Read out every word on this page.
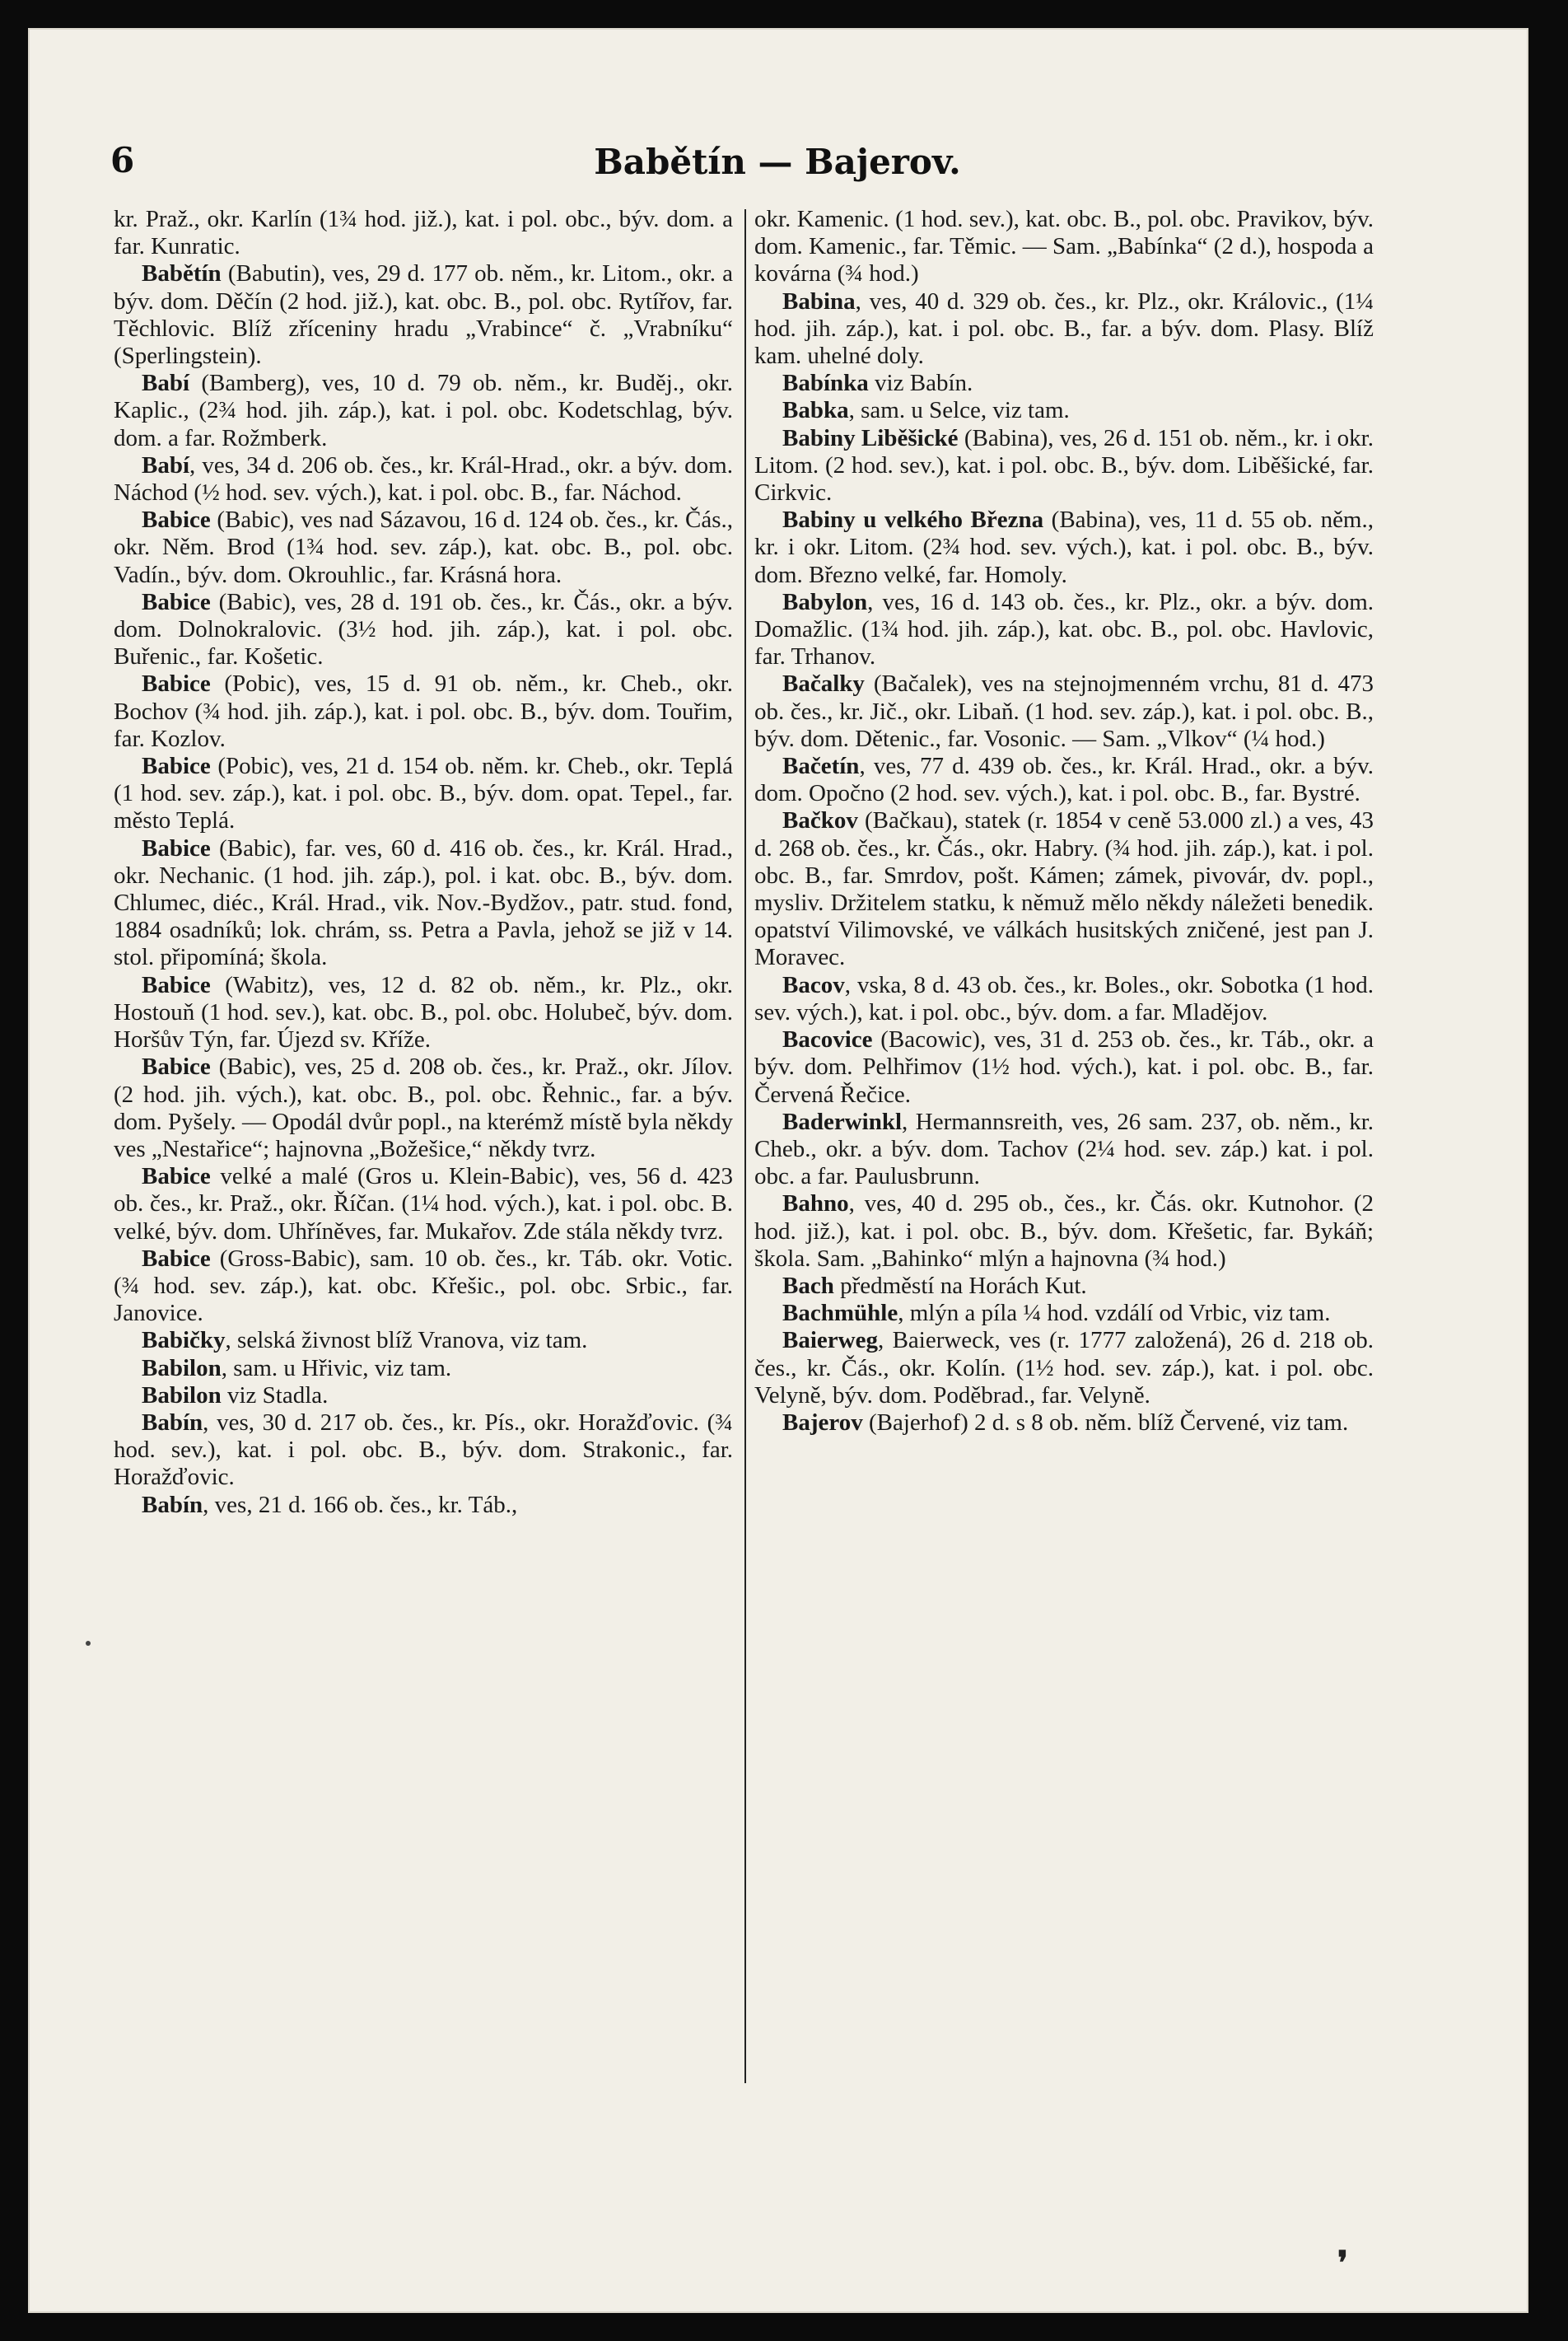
6	Babětín — Bajerov.

kr. Praž., okr. Karlín (1¾ hod. již.), kat. i pol. obc., býv. dom. a far. Kunratic.

Babětín (Babutin), ves, 29 d. 177 ob. něm., kr. Litom., okr. a býv. dom. Děčín (2 hod. již.), kat. obc. B., pol. obc. Rytířov, far. Těchlovic. Blíž zříceniny hradu „Vrabince“ č. „Vrabníku“ (Sperlingstein).

Babí (Bamberg), ves, 10 d. 79 ob. něm., kr. Buděj., okr. Kaplic., (2¾ hod. jih. záp.), kat. i pol. obc. Kodetschlag, býv. dom. a far. Rožmberk.

Babí, ves, 34 d. 206 ob. čes., kr. Král-Hrad., okr. a býv. dom. Náchod (½ hod. sev. vých.), kat. i pol. obc. B., far. Náchod.

Babice (Babic), ves nad Sázavou, 16 d. 124 ob. čes., kr. Čás., okr. Něm. Brod (1¾ hod. sev. záp.), kat. obc. B., pol. obc. Vadín., býv. dom. Okrouhlic., far. Krásná hora.

Babice (Babic), ves, 28 d. 191 ob. čes., kr. Čás., okr. a býv. dom. Dolnokralovic. (3½ hod. jih. záp.), kat. i pol. obc. Buřenic., far. Košetic.

Babice (Pobic), ves, 15 d. 91 ob. něm., kr. Cheb., okr. Bochov (¾ hod. jih. záp.), kat. i pol. obc. B., býv. dom. Touřim, far. Kozlov.

Babice (Pobic), ves, 21 d. 154 ob. něm. kr. Cheb., okr. Teplá (1 hod. sev. záp.), kat. i pol. obc. B., býv. dom. opat. Tepel., far. město Teplá.

Babice (Babic), far. ves, 60 d. 416 ob. čes., kr. Král. Hrad., okr. Nechanic. (1 hod. jih. záp.), pol. i kat. obc. B., býv. dom. Chlumec, diéc., Král. Hrad., vik. Nov.-Bydžov., patr. stud. fond, 1884 osadníků; lok. chrám, ss. Petra a Pavla, jehož se již v 14. stol. připomíná; škola.

Babice (Wabitz), ves, 12 d. 82 ob. něm., kr. Plz., okr. Hostouň (1 hod. sev.), kat. obc. B., pol. obc. Holubeč, býv. dom. Horšův Týn, far. Újezd sv. Kříže.

Babice (Babic), ves, 25 d. 208 ob. čes., kr. Praž., okr. Jílov. (2 hod. jih. vých.), kat. obc. B., pol. obc. Řehnic., far. a býv. dom. Pyšely. — Opodál dvůr popl., na kterémž místě byla někdy ves „Nestařice“; hajnovna „Božešice,“ někdy tvrz.

Babice velké a malé (Gros u. Klein-Babic), ves, 56 d. 423 ob. čes., kr. Praž., okr. Říčan. (1¼ hod. vých.), kat. i pol. obc. B. velké, býv. dom. Uhříněves, far. Mukařov. Zde stála někdy tvrz.

Babice (Gross-Babic), sam. 10 ob. čes., kr. Táb. okr. Votic. (¾ hod. sev. záp.), kat. obc. Křešic., pol. obc. Srbic., far. Janovice.

Babičky, selská živnost blíž Vranova, viz tam.

Babilon, sam. u Hřivic, viz tam.

Babilon viz Stadla.

Babín, ves, 30 d. 217 ob. čes., kr. Pís., okr. Horažďovic. (¾ hod. sev.), kat. i pol. obc. B., býv. dom. Strakonic., far. Horažďovic.

Babín, ves, 21 d. 166 ob. čes., kr. Táb.,

okr. Kamenic. (1 hod. sev.), kat. obc. B., pol. obc. Pravikov, býv. dom. Kamenic., far. Těmic. — Sam. „Babínka“ (2 d.), hospoda a kovárna (¾ hod.)

Babina, ves, 40 d. 329 ob. čes., kr. Plz., okr. Královic., (1¼ hod. jih. záp.), kat. i pol. obc. B., far. a býv. dom. Plasy. Blíž kam. uhelné doly.

Babínka viz Babín.

Babka, sam. u Selce, viz tam.

Babiny Liběšické (Babina), ves, 26 d. 151 ob. něm., kr. i okr. Litom. (2 hod. sev.), kat. i pol. obc. B., býv. dom. Liběšické, far. Cirkvic.

Babiny u velkého Března (Babina), ves, 11 d. 55 ob. něm., kr. i okr. Litom. (2¾ hod. sev. vých.), kat. i pol. obc. B., býv. dom. Březno velké, far. Homoly.

Babylon, ves, 16 d. 143 ob. čes., kr. Plz., okr. a býv. dom. Domažlic. (1¾ hod. jih. záp.), kat. obc. B., pol. obc. Havlovic, far. Trhanov.

Bačalky (Bačalek), ves na stejnojmenném vrchu, 81 d. 473 ob. čes., kr. Jič., okr. Libaň. (1 hod. sev. záp.), kat. i pol. obc. B., býv. dom. Dětenic., far. Vosonic. — Sam. „Vlkov“ (¼ hod.)

Bačetín, ves, 77 d. 439 ob. čes., kr. Král. Hrad., okr. a býv. dom. Opočno (2 hod. sev. vých.), kat. i pol. obc. B., far. Bystré.

Bačkov (Bačkau), statek (r. 1854 v ceně 53.000 zl.) a ves, 43 d. 268 ob. čes., kr. Čás., okr. Habry. (¾ hod. jih. záp.), kat. i pol. obc. B., far. Smrdov, pošt. Kámen; zámek, pivovár, dv. popl., mysliv. Držitelem statku, k němuž mělo někdy náležeti benedik. opatství Vilimovské, ve válkách husitských zničené, jest pan J. Moravec.

Bacov, vska, 8 d. 43 ob. čes., kr. Boles., okr. Sobotka (1 hod. sev. vých.), kat. i pol. obc., býv. dom. a far. Mladějov.

Bacovice (Bacowic), ves, 31 d. 253 ob. čes., kr. Táb., okr. a býv. dom. Pelhřimov (1½ hod. vých.), kat. i pol. obc. B., far. Červená Řečice.

Baderwinkl, Hermannsreith, ves, 26 sam. 237, ob. něm., kr. Cheb., okr. a býv. dom. Tachov (2¼ hod. sev. záp.) kat. i pol. obc. a far. Paulusbrunn.

Bahno, ves, 40 d. 295 ob., čes., kr. Čás. okr. Kutnohor. (2 hod. již.), kat. i pol. obc. B., býv. dom. Křešetic, far. Bykáň; škola. Sam. „Bahinko“ mlýn a hajnovna (¾ hod.)

Bach předměstí na Horách Kut.

Bachmühle, mlýn a píla ¼ hod. vzdálí od Vrbic, viz tam.

Baierweg, Baierweck, ves (r. 1777 založená), 26 d. 218 ob. čes., kr. Čás., okr. Kolín. (1½ hod. sev. záp.), kat. i pol. obc. Velyně, býv. dom. Poděbrad., far. Velyně.

Bajerov (Bajerhof) 2 d. s 8 ob. něm. blíž Červené, viz tam.

❜
